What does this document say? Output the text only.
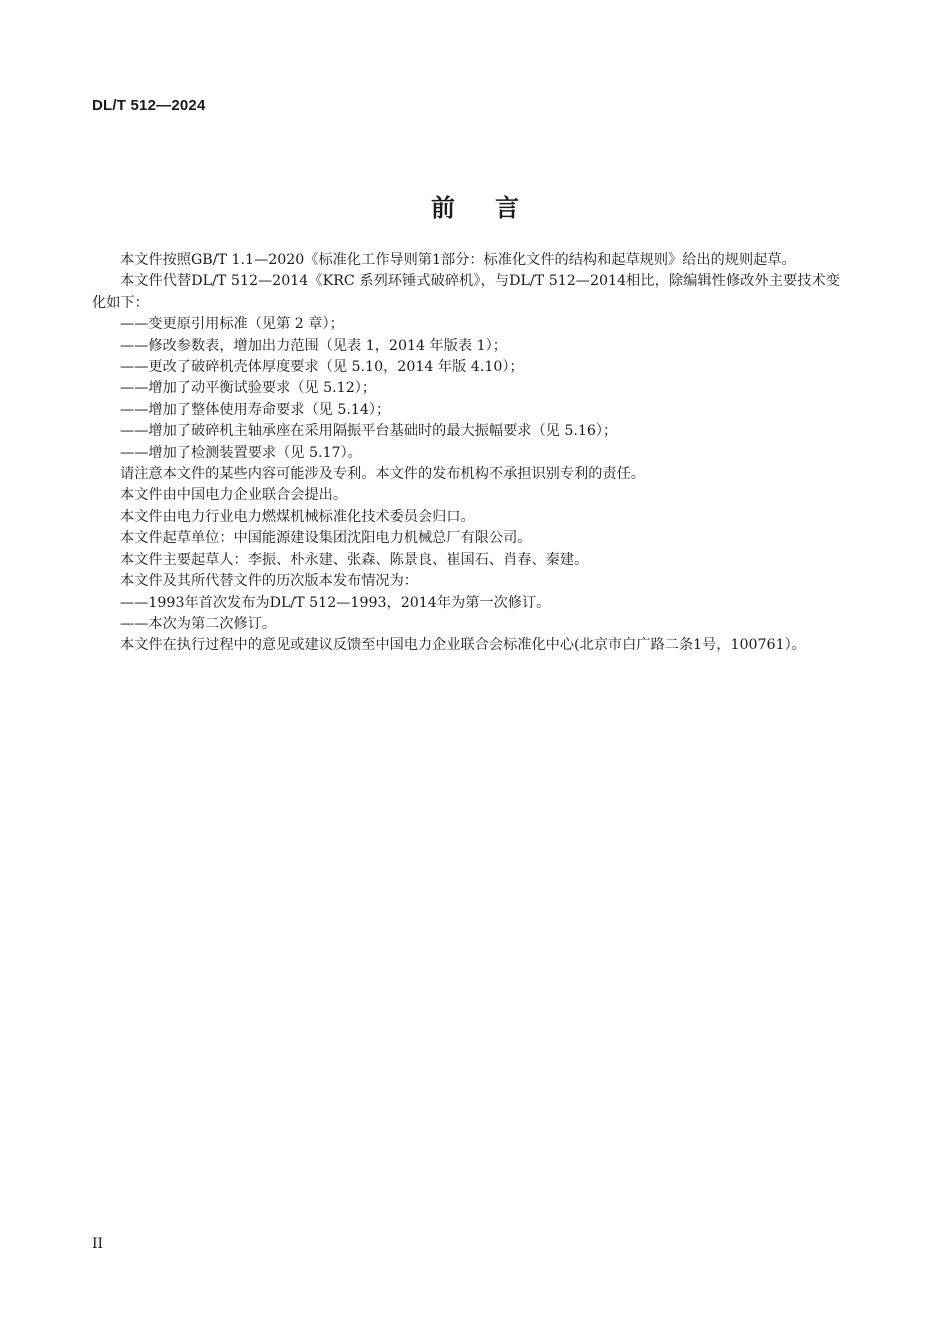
DL/T 512—2024
前言

本文件按照GB/T 1.1—2020《标准化工作导则第1部分：标准化文件的结构和起草规则》给出的规则起草。

本文件代替DL/T 512—2014《KRC 系列环锤式破碎机》，与DL/T 512—2014相比，除编辑性修改外主要技术变化如下：

——变更原引用标准（见第 2 章）；

——修改参数表，增加出力范围（见表 1，2014 年版表 1）；

——更改了破碎机壳体厚度要求（见 5.10，2014 年版 4.10）；

——增加了动平衡试验要求（见 5.12）；

——增加了整体使用寿命要求（见 5.14）；

——增加了破碎机主轴承座在采用隔振平台基础时的最大振幅要求（见 5.16）；

——增加了检测装置要求（见 5.17）。

请注意本文件的某些内容可能涉及专利。本文件的发布机构不承担识别专利的责任。

本文件由中国电力企业联合会提出。

本文件由电力行业电力燃煤机械标准化技术委员会归口。

本文件起草单位：中国能源建设集团沈阳电力机械总厂有限公司。

本文件主要起草人：李振、朴永建、张森、陈景良、崔国石、肖春、秦建。

本文件及其所代替文件的历次版本发布情况为：

——1993年首次发布为DL/T 512—1993，2014年为第一次修订。

——本次为第二次修订。

本文件在执行过程中的意见或建议反馈至中国电力企业联合会标准化中心(北京市白广路二条1号，100761）。

II
